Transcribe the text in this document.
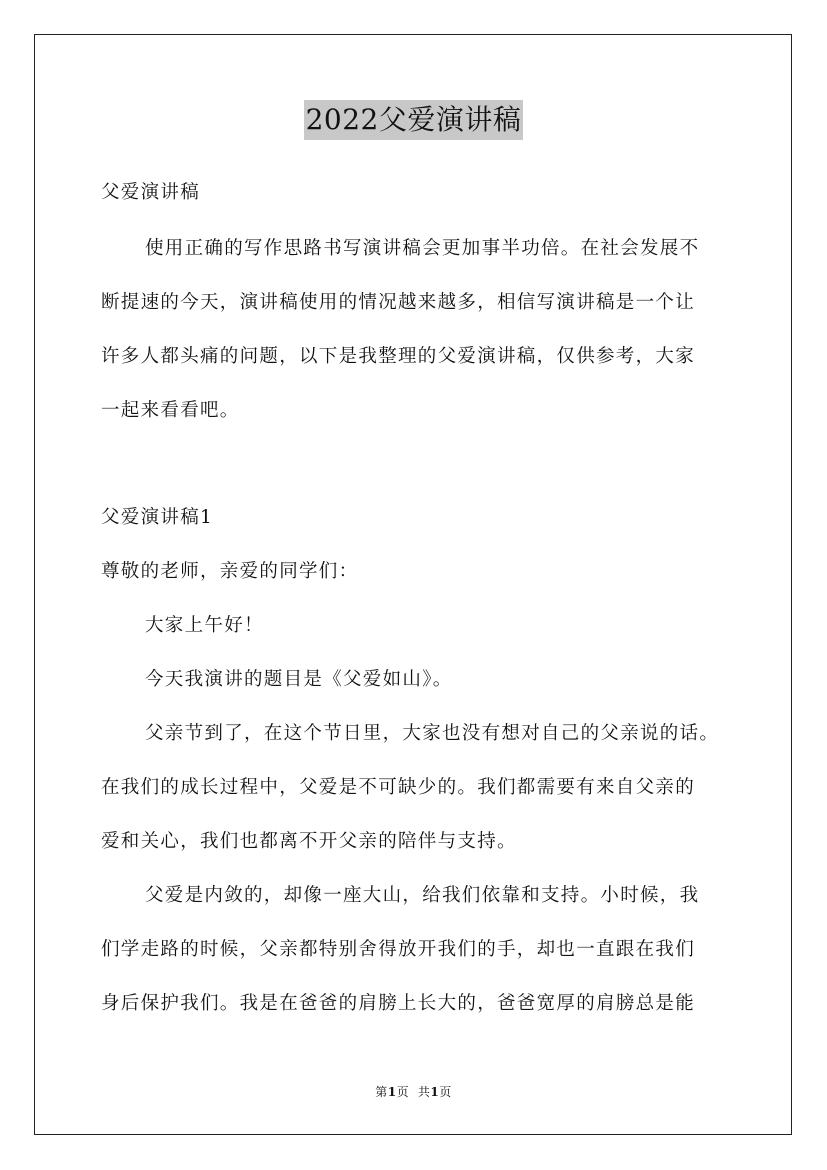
2022父爱演讲稿
父爱演讲稿
使用正确的写作思路书写演讲稿会更加事半功倍。在社会发展不
断提速的今天，演讲稿使用的情况越来越多，相信写演讲稿是一个让
许多人都头痛的问题，以下是我整理的父爱演讲稿，仅供参考，大家
一起来看看吧。
父爱演讲稿1
尊敬的老师，亲爱的同学们：
大家上午好！
今天我演讲的题目是《父爱如山》。
父亲节到了，在这个节日里，大家也没有想对自己的父亲说的话。
在我们的成长过程中，父爱是不可缺少的。我们都需要有来自父亲的
爱和关心，我们也都离不开父亲的陪伴与支持。
父爱是内敛的，却像一座大山，给我们依靠和支持。小时候，我
们学走路的时候，父亲都特别舍得放开我们的手，却也一直跟在我们
身后保护我们。我是在爸爸的肩膀上长大的，爸爸宽厚的肩膀总是能
第1页 共1页
